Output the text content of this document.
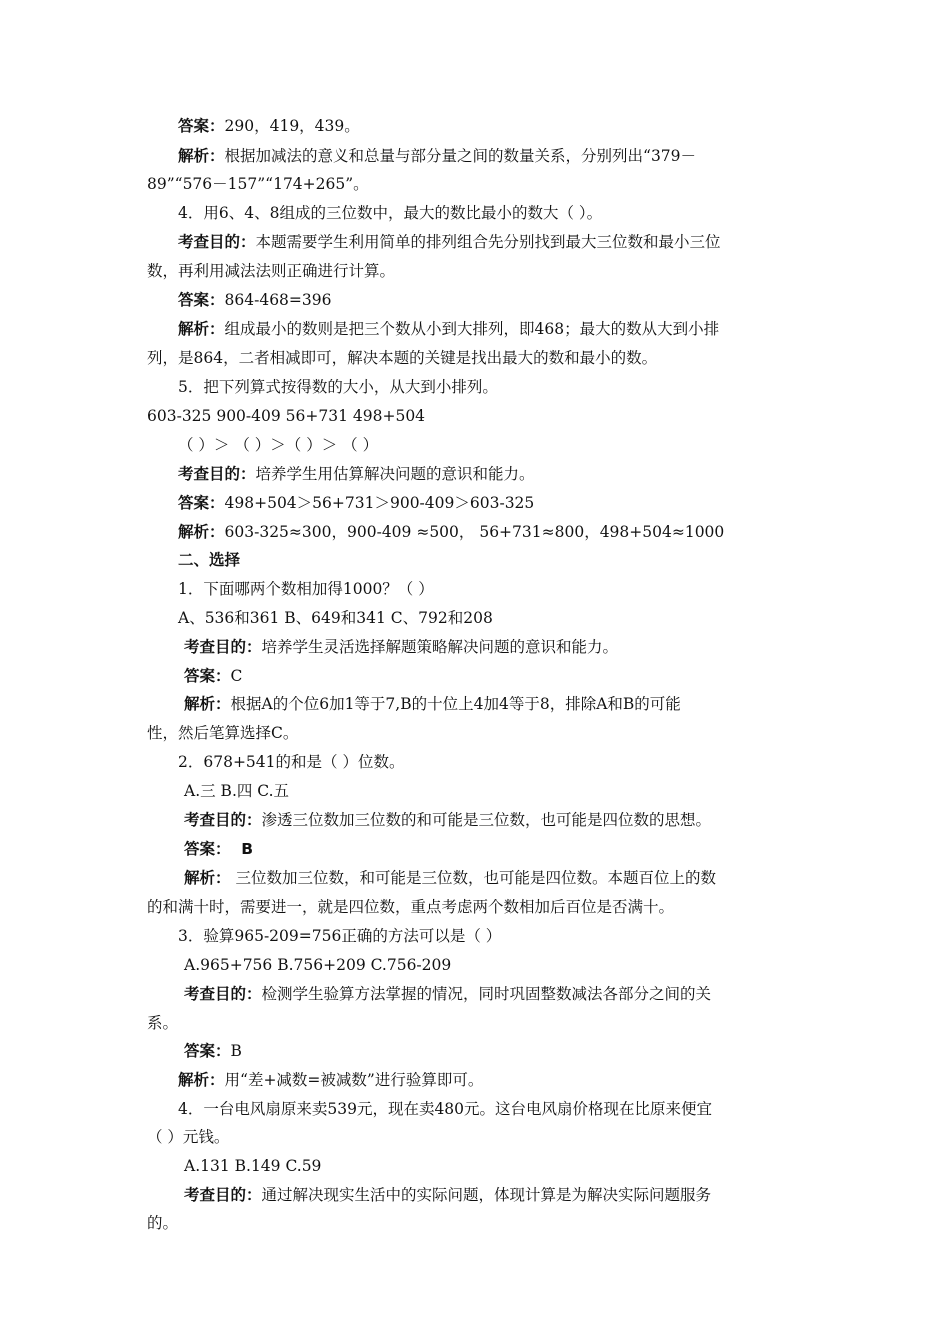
答案：290，419，439。
解析：根据加减法的意义和总量与部分量之间的数量关系，分别列出“379－
89”“576－157”“174+265”。
4．用6、4、8组成的三位数中，最大的数比最小的数大（ ）。
考查目的：本题需要学生利用简单的排列组合先分别找到最大三位数和最小三位
数，再利用减法法则正确进行计算。
答案：864-468=396
解析：组成最小的数则是把三个数从小到大排列，即468；最大的数从大到小排
列，是864，二者相减即可，解决本题的关键是找出最大的数和最小的数。
5．把下列算式按得数的大小，从大到小排列。
603-325 900-409 56+731 498+504
（ ）＞ （ ）＞（ ）＞ （ ）
考查目的：培养学生用估算解决问题的意识和能力。
答案：498+504＞56+731＞900-409＞603-325
解析：603-325≈300，900-409 ≈500， 56+731≈800，498+504≈1000
二、选择
1．下面哪两个数相加得1000？（ ）
A、536和361 B、649和341 C、792和208
考查目的：培养学生灵活选择解题策略解决问题的意识和能力。
答案：C
解析：根据A的个位6加1等于7,B的十位上4加4等于8，排除A和B的可能
性，然后笔算选择C。
2．678+541的和是（ ）位数。
A.三 B.四 C.五
考查目的：渗透三位数加三位数的和可能是三位数，也可能是四位数的思想。
答案：  B
解析： 三位数加三位数，和可能是三位数，也可能是四位数。本题百位上的数
的和满十时，需要进一，就是四位数，重点考虑两个数相加后百位是否满十。
3．验算965-209=756正确的方法可以是（ ）
A.965+756 B.756+209 C.756-209
考查目的：检测学生验算方法掌握的情况，同时巩固整数减法各部分之间的关
系。
答案：B
解析：用“差+减数=被减数”进行验算即可。
4．一台电风扇原来卖539元，现在卖480元。这台电风扇价格现在比原来便宜
（ ）元钱。
A.131 B.149 C.59
考查目的：通过解决现实生活中的实际问题，体现计算是为解决实际问题服务
的。
